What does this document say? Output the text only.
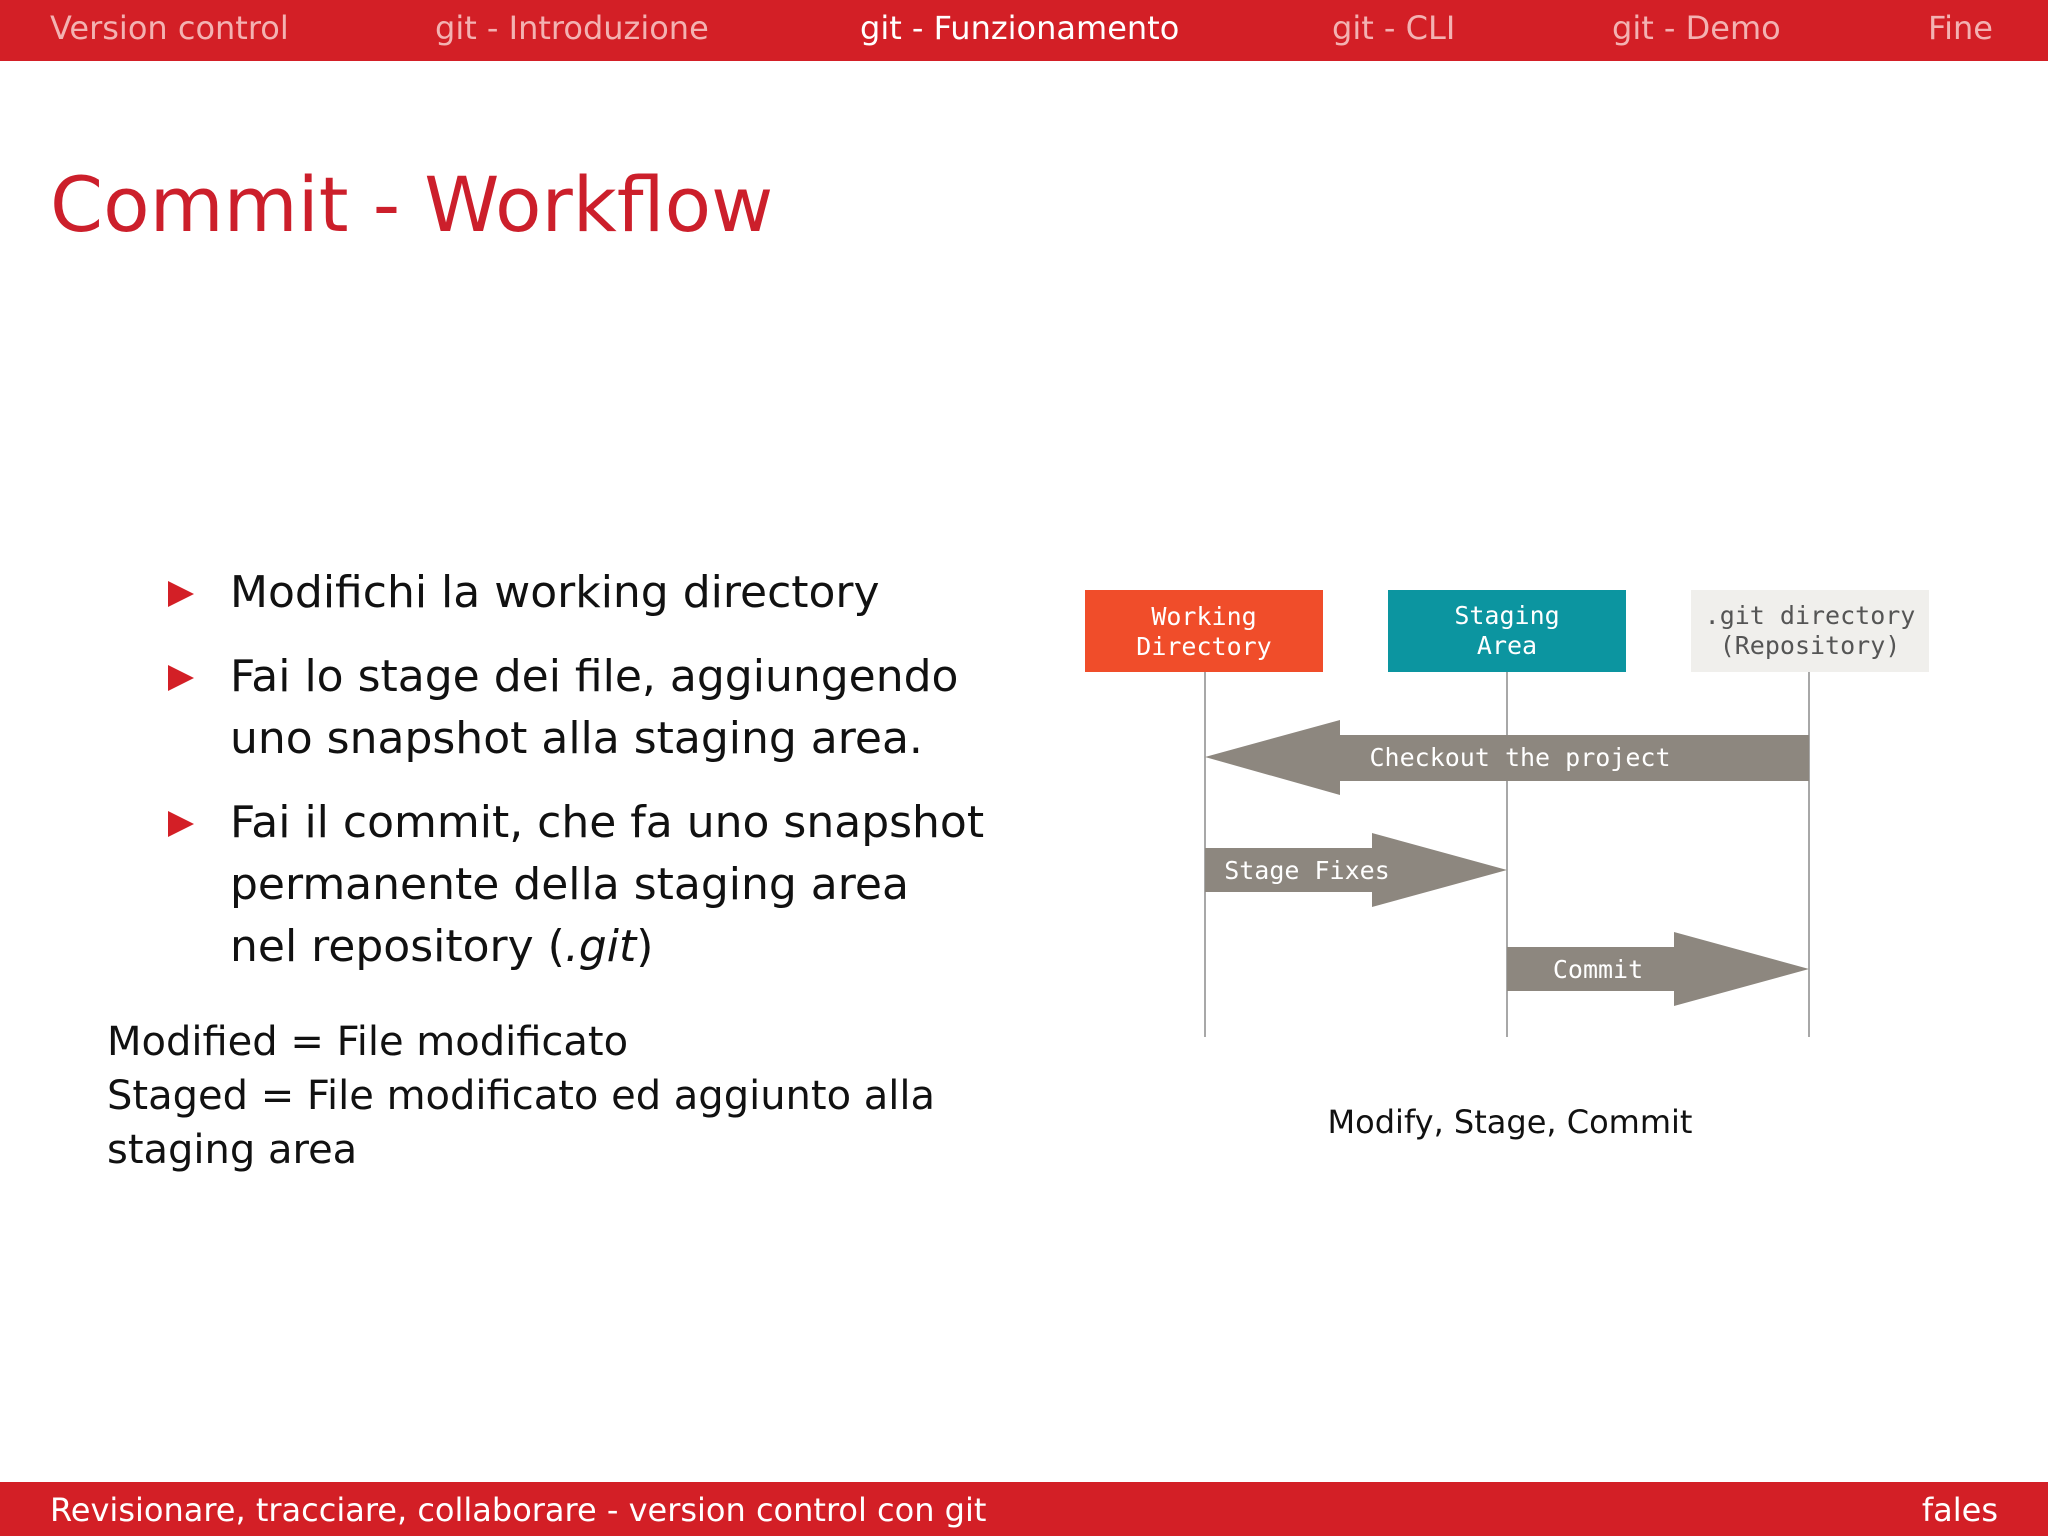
Version control	git - Introduzione	git - Funzionamento	git - CLI	git - Demo	Fine
Commit - Workflow
Modifichi la working directory
Fai lo stage dei file, aggiungendo uno snapshot alla staging area.
Fai il commit, che fa uno snapshot permanente della staging area nel repository (.git)
Modified = File modificato
Staged = File modificato ed aggiunto alla staging area
Working
Directory
Staging
Area
.git directory
(Repository)
Checkout the project
Stage Fixes
Commit
Modify, Stage, Commit
Revisionare, tracciare, collaborare - version control con git	fales
